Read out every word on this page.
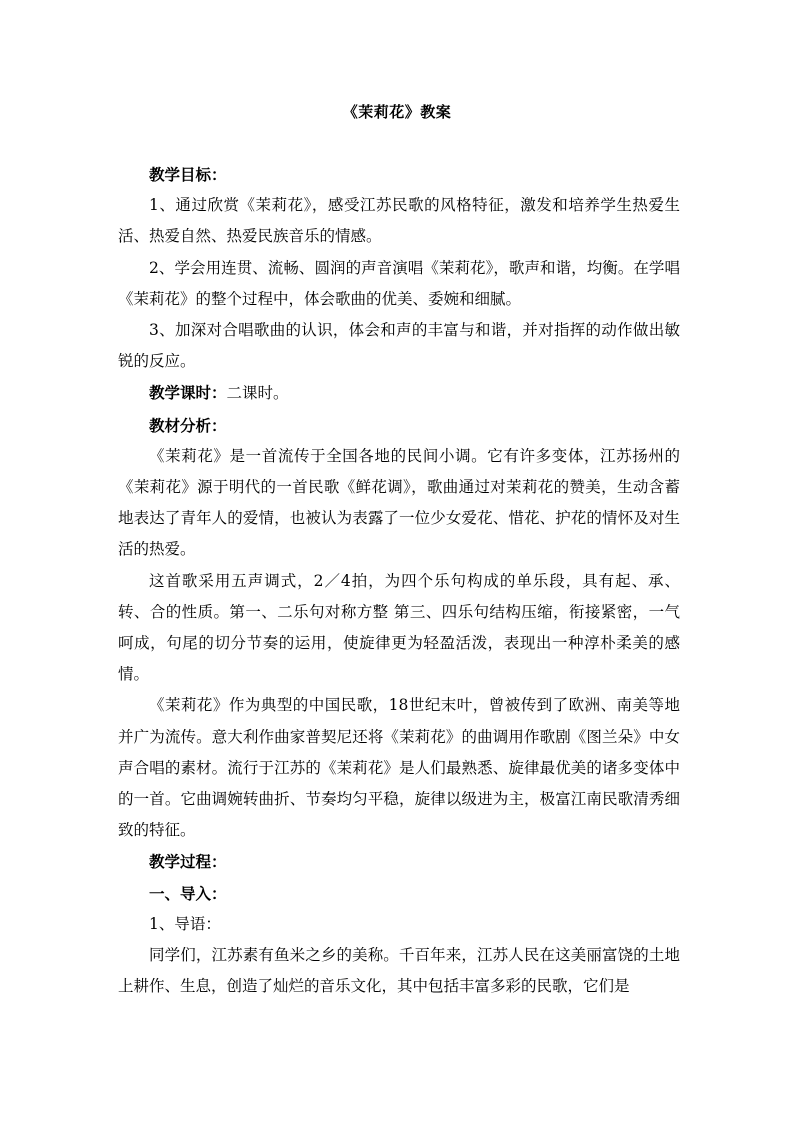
《茉莉花》教案

教学目标：

1、通过欣赏《茉莉花》，感受江苏民歌的风格特征，激发和培养学生热爱生活、热爱自然、热爱民族音乐的情感。

2、学会用连贯、流畅、圆润的声音演唱《茉莉花》，歌声和谐，均衡。在学唱《茉莉花》的整个过程中，体会歌曲的优美、委婉和细腻。

3、加深对合唱歌曲的认识，体会和声的丰富与和谐，并对指挥的动作做出敏锐的反应。

教学课时：二课时。

教材分析：

《茉莉花》是一首流传于全国各地的民间小调。它有许多变体，江苏扬州的《茉莉花》源于明代的一首民歌《鲜花调》，歌曲通过对茉莉花的赞美，生动含蓄地表达了青年人的爱情，也被认为表露了一位少女爱花、惜花、护花的情怀及对生活的热爱。

这首歌采用五声调式，2／4拍，为四个乐句构成的单乐段，具有起、承、转、合的性质。第一、二乐句对称方整 第三、四乐句结构压缩，衔接紧密，一气呵成，句尾的切分节奏的运用，使旋律更为轻盈活泼，表现出一种淳朴柔美的感情。

《茉莉花》作为典型的中国民歌，18世纪末叶，曾被传到了欧洲、南美等地并广为流传。意大利作曲家普契尼还将《茉莉花》的曲调用作歌剧《图兰朵》中女声合唱的素材。流行于江苏的《茉莉花》是人们最熟悉、旋律最优美的诸多变体中的一首。它曲调婉转曲折、节奏均匀平稳，旋律以级进为主，极富江南民歌清秀细致的特征。

教学过程：

一、导入：

1、导语：

同学们，江苏素有鱼米之乡的美称。千百年来，江苏人民在这美丽富饶的土地上耕作、生息，创造了灿烂的音乐文化，其中包括丰富多彩的民歌，它们是
